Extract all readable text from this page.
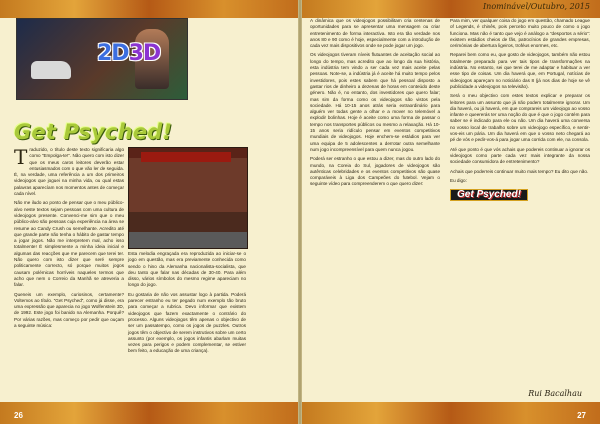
2D3D
Get Psyched!
T raduzido, o título deste texto significaria algo como “Empolga-te!”. Não quero com isto dizer que os meus caros leitores deverão estar entusiasmados com o que vão ler de seguida. É, na verdade, uma referência a um dos primeiros videojogos que joguei na minha vida, ou qual estas palavras aparecíam nos momentos antes de começar cada nível.

Não me iludo ao ponto de pensar que o meu público-alvo neste textos sejam pessoas com uma cultura de videojogos presente. Convenci-me sim que o meu público-alvo são pessoas cuja experiência na área se resume ao Candy Crush ou semelhante. Acredito até que grande parte não tenha o hábito de gastar tempo a jogar jogos. Não me interpretem mal, acho isso totalmente! É simplesmente a minha ideia inicial e algumas das reacções que me parecem que terei ter. Não quero com isto dizer que seré sempre politicamente correcto, só porque muitos jogos causam polémicas horríveis naqueles termos que acho que nem o Correio da Manhã se atreveria a falar.

Queneis um exemplo, curiosinos, certamente? Voltemos ao título. “Get Psyched”, como já disse, era uma expressão que aparecia no jogo Wolfenstein 3D, de 1992. Este jogo foi banido na Alemanha. Porquê? Por várias razões, mas começo por pedir que ouçam a seguinte música:

Esta melodia engraçada era reproduzida ao iniciar-se o jogo em questão, mas era previamente conhecida como sendo o hino da Alemanha nacionalista-socialista, que deu tanto que falar nas décadas de 30-40. Para além disso, vários símbolos do mesmo regime apareciam no longo do jogo.

Eu gostaria de não vos assustar logo à partida. Poderá parecer estranho eu ter pegado num exemplo tão bruto para começar a rubrica. Devo informar que existem videojogos que fazem exactamente o contrário do processo. Alguns videojogos têm apenas o objectivo de ser um passatempo, como os jogos de puzzles. Outros jogos têm o objectivo de serem instrutivos sobre um certo assunto (por exemplo, os jogos infantis abarlam muitas vezes para perigos e podem complementar, se estiver bem feito, a educação de uma criança).

26
Inominável/Outubro, 2015

A dinâmica que os videojogos possibilitam cria centenas de oportunidades para se apresentar uma mensagem ou criar entretenimento de forma interactiva. Isto era tão verdade nos anos 80 e 90 como é hoje, especialmente com a introdução de cada vez mais dispositivos onde se pode jogar um jogo.

Os videojogos tiveram níveis flutuantes de aceitação social ao longo do tempo, mas acredito que ao longo da sua história, esta indústria tem vindo a ser cada vez mais aceite pelas pessoas. Note-se, a indústria já é aceite há muito tempo pelos investidores, pois estes sabem que há pessoal disposto a gastar rios de dinheiro a dezenas de horas em conteúdo deste género. Não é, no entanto, dos investidores que quero falar; mas sim da forma como os videojogos são vistos pela sociedade. Há 10-15 anos atrás seria extraordinário para alguém ver todas gente a olhar e a mover no telemóvel a explodir bolinhas. Hoje é aceite como uma forma de passar o tempo nos transportes públicos ou mesmo a relaxação. Há 10-15 anos seria ridículo pensar em eventos competitivos mundiais de videojogos. Hoje enchem-se estádios para ver uma equipa de 5 adolescentes a derrotar outra semelhante num jogo incompreensível para quem nunca jogou.

Poderá ser estranho o que estou a dizer, mas do outro lado do mundo, na Coreia do Sul, jogadores de videojogos são autênticas celebridades e os eventos competitivos são quase comparáveis à Liga dos Campeões do futebol. Vejam o seguinte vídeo para compreenderem o que quero dizer:

Para mim, ver qualquer coisa do jogo em questão, chamado League of Legends, é chinês, pois percebo muito pouco de como o jogo funciona. Mas não é tanto que vejo é análogo a “desportos a sério”: existem estádios cheios de fãs, patrocínios de grandes empresas, cerimónias de abertura ligeiros, troféus enormes, etc.

Reparei bem como eu, que gosto de videojogos, também não estou totalmente preparado para ver tais tipos de transformações na indústria. No entanto, sei que terei de me adaptar e habituar a ver esse tipo de coisas. Um dia haverá que, em Portugal, notícias de videojogos apareçam no noticiário das 8 (já nos dias de hoje se vê publicidade a videojogos na televisão).

Será o meu objectivo com estes textos explicar e preparar os leitores para um assunto que já não podem totalmente ignorar. Um dia haverá, ou já haverá, em que comprareis um videojogo ao vosso infante e queererás ter uma noção do que é que o jogo contém para saber se é indicado para ele ou não. Um dia haverá uma conversa no vosso local de trabalho sobre um videojogo específico, e sentir-vos-eis um pária. Um dia haverá em que o vosso neto chegará ao pé de vós e pedir-vos-á para jogar uma corrida com ele, na consola.

Até que ponto é que vós achais que podereis continuar a ignorar os videojogos como parte cada vez mais integrante da nossa sociedade consumidora de entretenimento?

Achais que poderreis continuar muito mais tempo? Eu dito que não.

Eu digo:

Get Psyched!
Rui Bacalhau
27
